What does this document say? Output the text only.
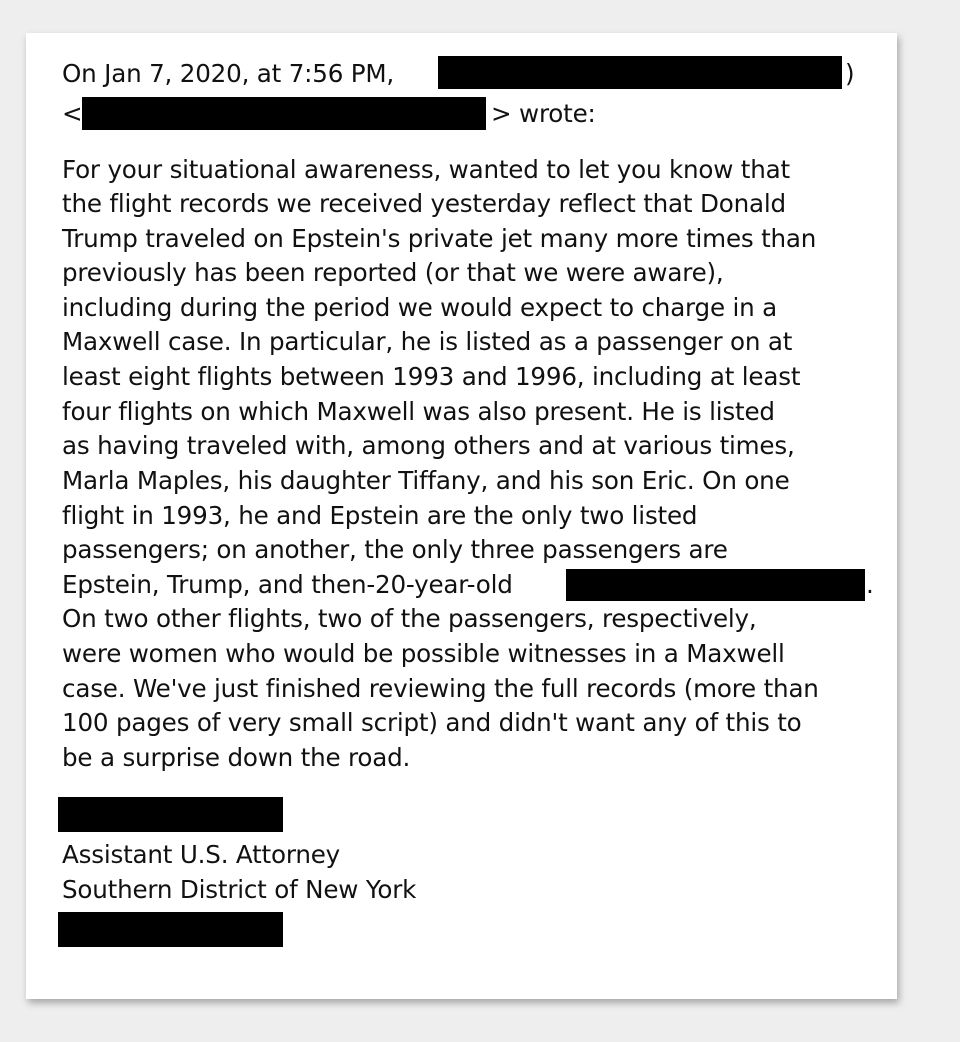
On Jan 7, 2020, at 7:56 PM,	)
<	> wrote:
For your situational awareness, wanted to let you know that
the flight records we received yesterday reflect that Donald
Trump traveled on Epstein's private jet many more times than
previously has been reported (or that we were aware),
including during the period we would expect to charge in a
Maxwell case. In particular, he is listed as a passenger on at
least eight flights between 1993 and 1996, including at least
four flights on which Maxwell was also present. He is listed
as having traveled with, among others and at various times,
Marla Maples, his daughter Tiffany, and his son Eric. On one
flight in 1993, he and Epstein are the only two listed
passengers; on another, the only three passengers are
Epstein, Trump, and then-20-year-old	.
On two other flights, two of the passengers, respectively,
were women who would be possible witnesses in a Maxwell
case. We've just finished reviewing the full records (more than
100 pages of very small script) and didn't want any of this to
be a surprise down the road.
Assistant U.S. Attorney
Southern District of New York
